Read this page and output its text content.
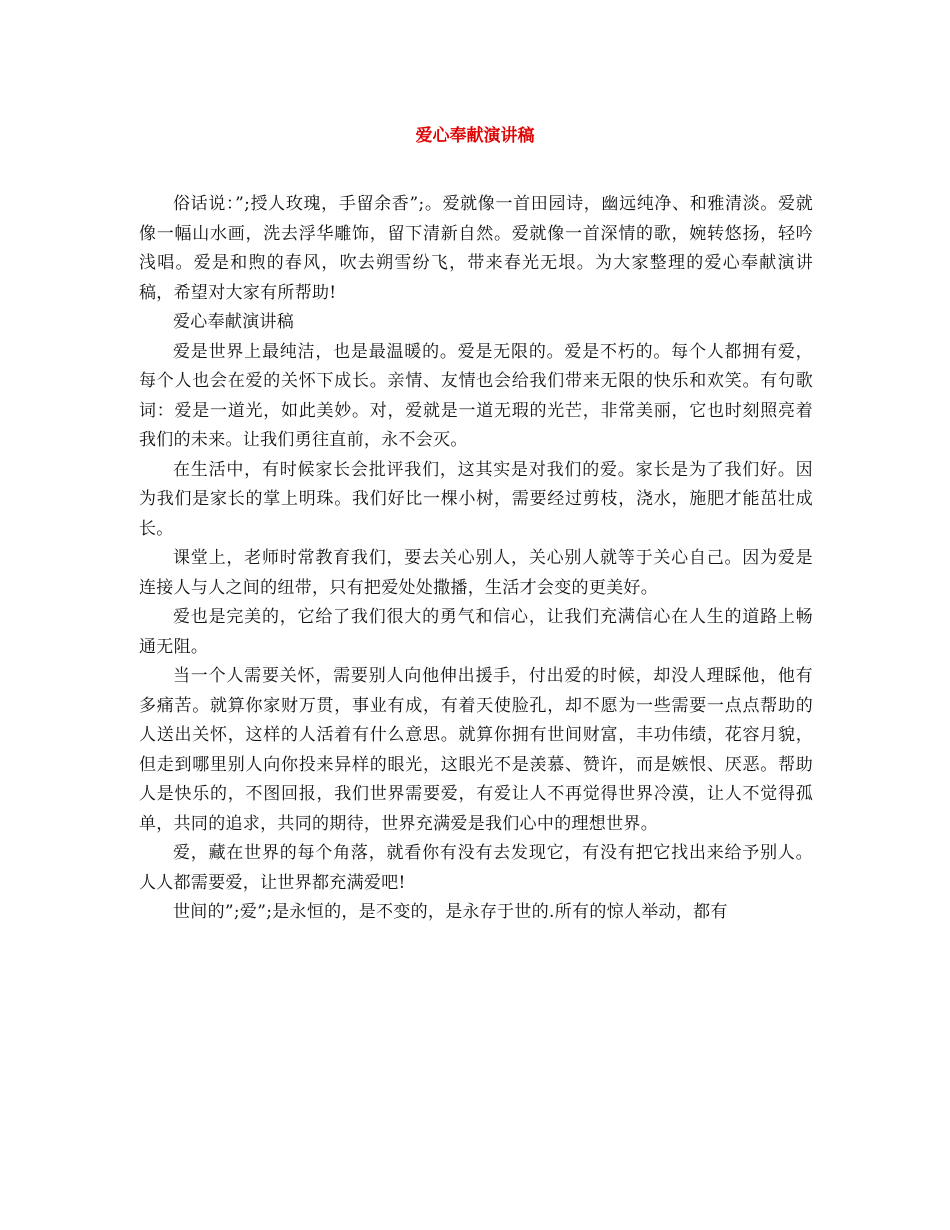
爱心奉献演讲稿

俗话说：”;授人玫瑰，手留余香”;。爱就像一首田园诗，幽远纯净、和雅清淡。爱就像一幅山水画，洗去浮华雕饰，留下清新自然。爱就像一首深情的歌，婉转悠扬，轻吟浅唱。爱是和煦的春风，吹去朔雪纷飞，带来春光无垠。为大家整理的爱心奉献演讲稿，希望对大家有所帮助!

爱心奉献演讲稿

爱是世界上最纯洁，也是最温暖的。爱是无限的。爱是不朽的。每个人都拥有爱，每个人也会在爱的关怀下成长。亲情、友情也会给我们带来无限的快乐和欢笑。有句歌词：爱是一道光，如此美妙。对，爱就是一道无瑕的光芒，非常美丽，它也时刻照亮着我们的未来。让我们勇往直前，永不会灭。

在生活中，有时候家长会批评我们，这其实是对我们的爱。家长是为了我们好。因为我们是家长的掌上明珠。我们好比一棵小树，需要经过剪枝，浇水，施肥才能茁壮成长。

课堂上，老师时常教育我们，要去关心别人，关心别人就等于关心自己。因为爱是连接人与人之间的纽带，只有把爱处处撒播，生活才会变的更美好。

爱也是完美的，它给了我们很大的勇气和信心，让我们充满信心在人生的道路上畅通无阻。

当一个人需要关怀，需要别人向他伸出援手，付出爱的时候，却没人理睬他，他有多痛苦。就算你家财万贯，事业有成，有着天使脸孔，却不愿为一些需要一点点帮助的人送出关怀，这样的人活着有什么意思。就算你拥有世间财富，丰功伟绩，花容月貌，但走到哪里别人向你投来异样的眼光，这眼光不是羡慕、赞许，而是嫉恨、厌恶。帮助人是快乐的，不图回报，我们世界需要爱，有爱让人不再觉得世界冷漠，让人不觉得孤单，共同的追求，共同的期待，世界充满爱是我们心中的理想世界。

爱，藏在世界的每个角落，就看你有没有去发现它，有没有把它找出来给予别人。人人都需要爱，让世界都充满爱吧!

世间的”;爱”;是永恒的，是不变的，是永存于世的.所有的惊人举动，都有
